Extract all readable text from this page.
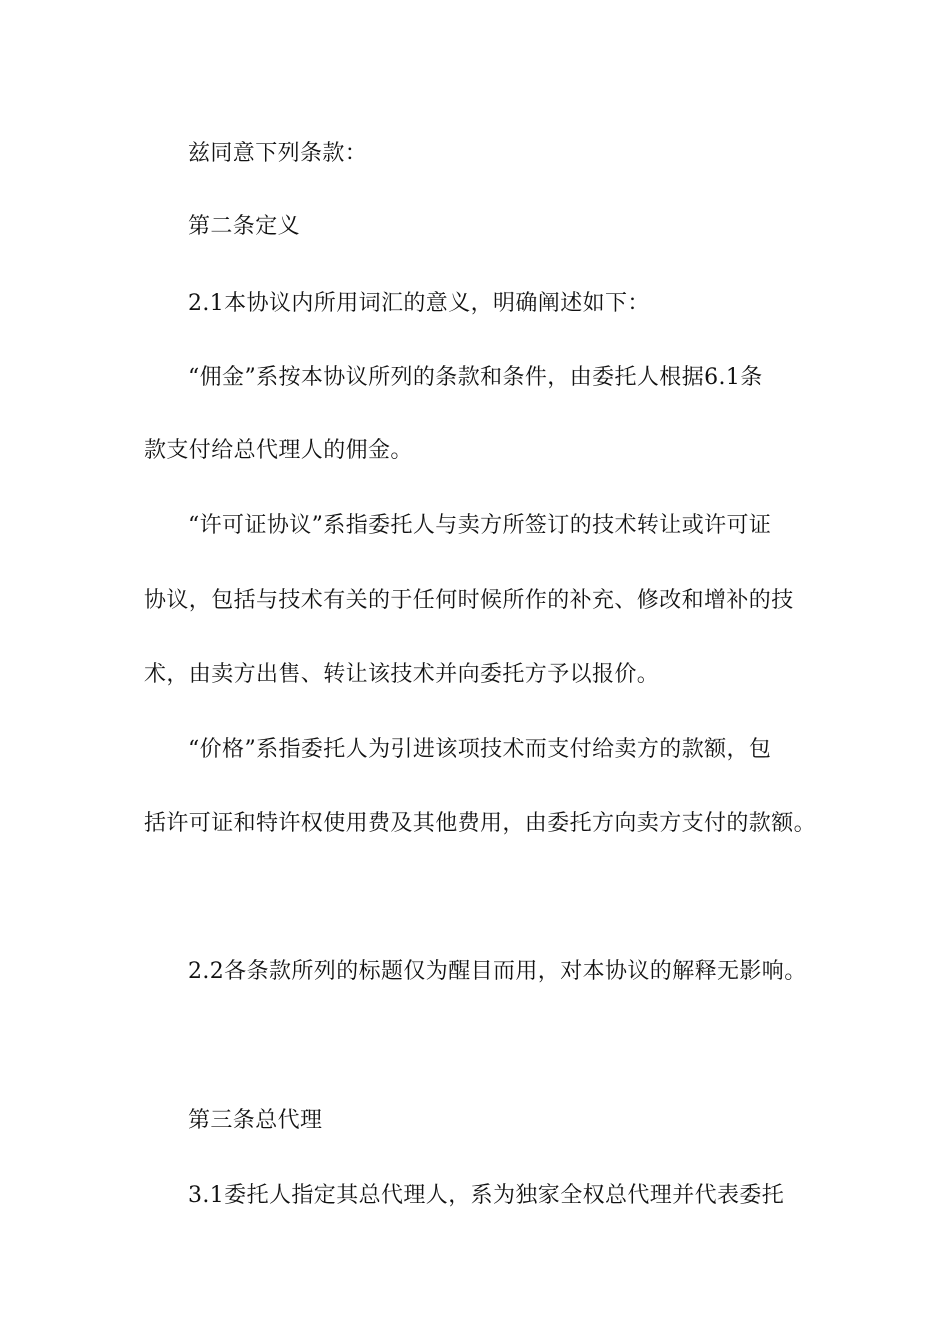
兹同意下列条款：
第二条定义
2.1本协议内所用词汇的意义，明确阐述如下：
“佣金”系按本协议所列的条款和条件，由委托人根据6.1条
款支付给总代理人的佣金。
“许可证协议”系指委托人与卖方所签订的技术转让或许可证
协议，包括与技术有关的于任何时候所作的补充、修改和增补的技
术，由卖方出售、转让该技术并向委托方予以报价。
“价格”系指委托人为引进该项技术而支付给卖方的款额，包
括许可证和特许权使用费及其他费用，由委托方向卖方支付的款额。
2.2各条款所列的标题仅为醒目而用，对本协议的解释无影响。
第三条总代理
3.1委托人指定其总代理人，系为独家全权总代理并代表委托
